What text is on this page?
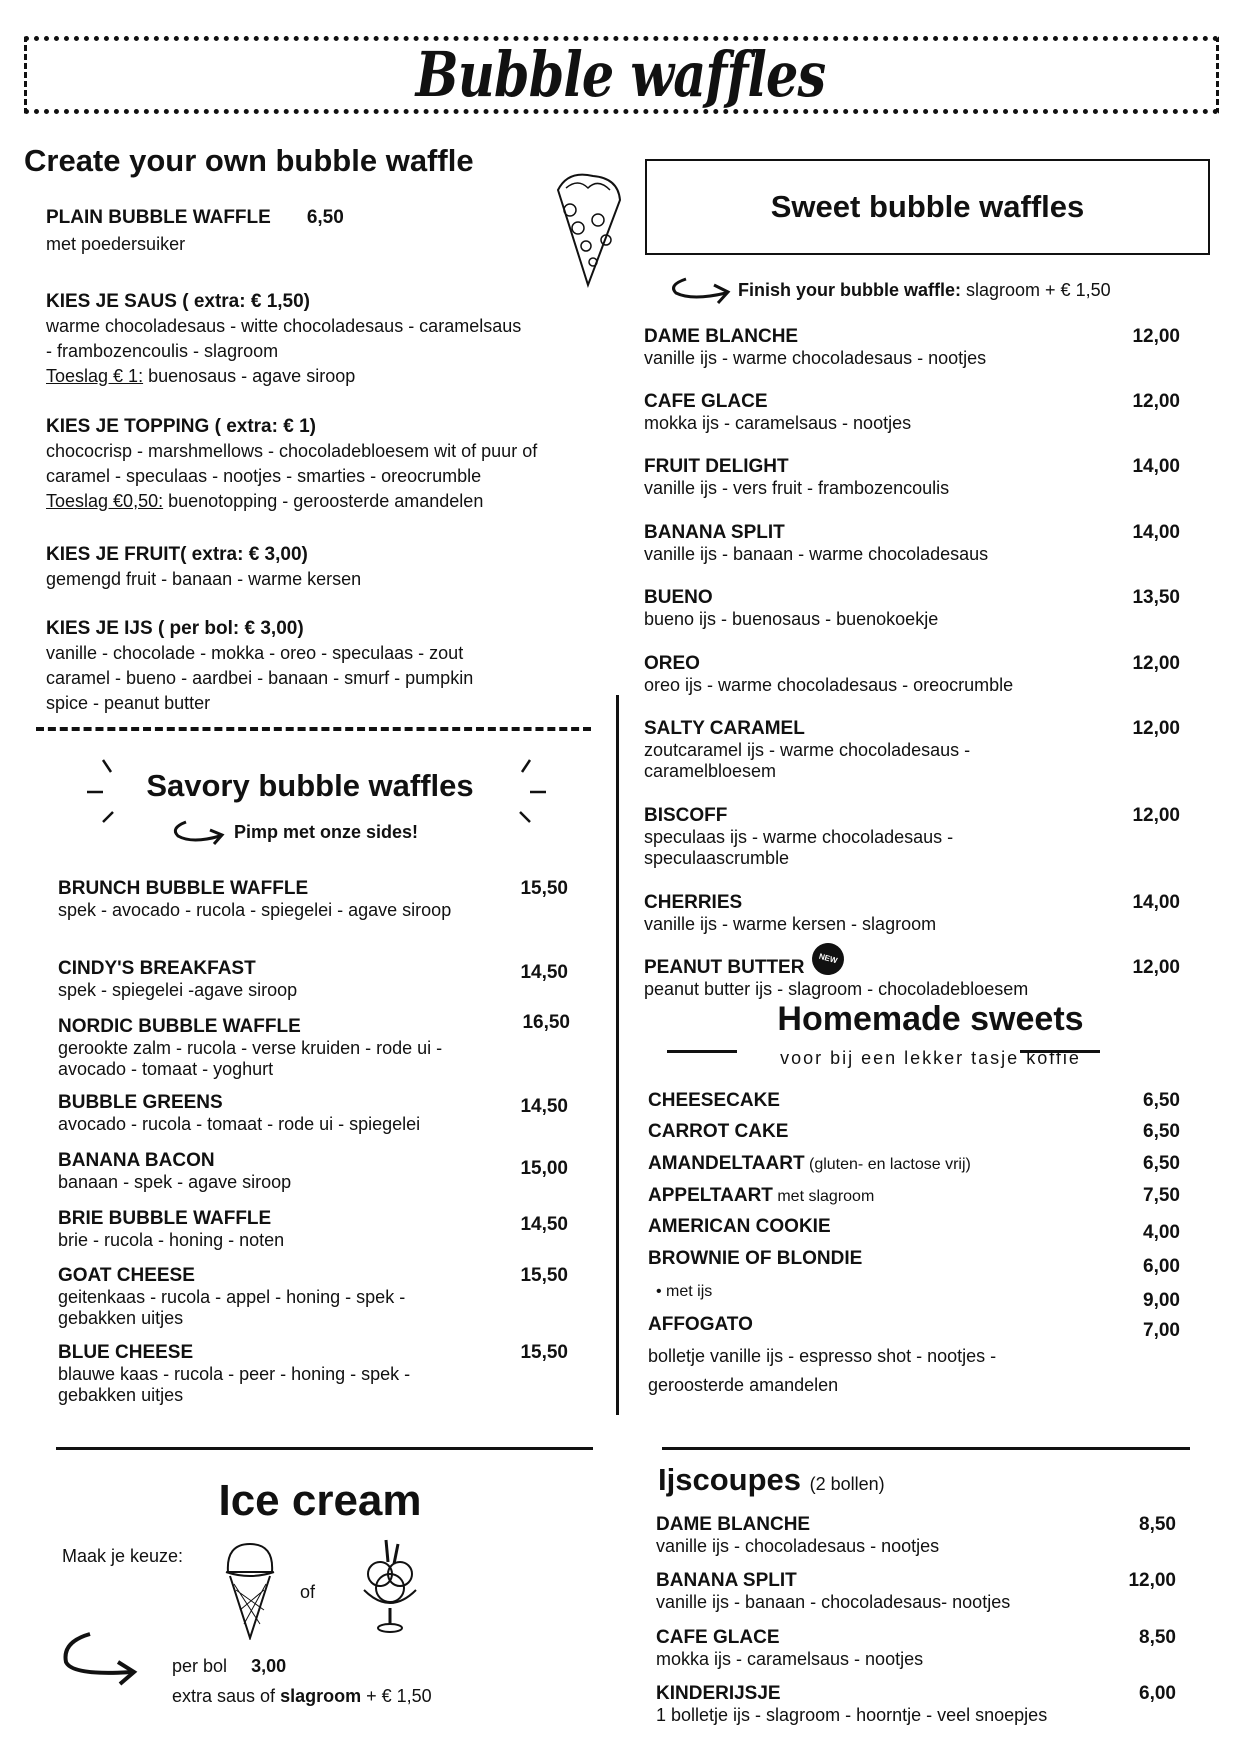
Bubble waffles
Create your own bubble waffle
PLAIN BUBBLE WAFFLE 6,50
met poedersuiker
KIES JE SAUS ( extra: € 1,50)
warme chocoladesaus - witte chocoladesaus - caramelsaus
- frambozencoulis - slagroom
Toeslag € 1: buenosaus - agave siroop
KIES JE TOPPING ( extra: € 1)
chococrisp - marshmellows - chocoladebloesem wit of puur of
caramel - speculaas - nootjes - smarties - oreocrumble
Toeslag €0,50: buenotopping - geroosterde amandelen
KIES JE FRUIT( extra: € 3,00)
gemengd fruit - banaan - warme kersen
KIES JE IJS ( per bol: € 3,00)
vanille - chocolade - mokka - oreo - speculaas - zout
caramel - bueno - aardbei - banaan - smurf - pumpkin
spice - peanut butter
Savory bubble waffles
Pimp met onze sides!
BRUNCH BUBBLE WAFFLE
spek - avocado - rucola - spiegelei - agave siroop
15,50
CINDY'S BREAKFAST
spek - spiegelei -agave siroop
14,50
NORDIC BUBBLE WAFFLE
gerookte zalm - rucola - verse kruiden - rode ui - avocado - tomaat - yoghurt
16,50
BUBBLE GREENS
avocado - rucola - tomaat - rode ui - spiegelei
14,50
BANANA BACON
banaan - spek - agave siroop
15,00
BRIE BUBBLE WAFFLE
brie - rucola - honing - noten
14,50
GOAT CHEESE
geitenkaas - rucola - appel - honing - spek - gebakken uitjes
15,50
BLUE CHEESE
blauwe kaas - rucola - peer - honing - spek - gebakken uitjes
15,50
Sweet bubble waffles
Finish your bubble waffle: slagroom + € 1,50
DAME BLANCHE
vanille ijs - warme chocoladesaus - nootjes
12,00
CAFE GLACE
mokka ijs - caramelsaus - nootjes
12,00
FRUIT DELIGHT
vanille ijs - vers fruit - frambozencoulis
14,00
BANANA SPLIT
vanille ijs - banaan - warme chocoladesaus
14,00
BUENO
bueno ijs - buenosaus - buenokoekje
13,50
OREO
oreo ijs - warme chocoladesaus - oreocrumble
12,00
SALTY CARAMEL
zoutcaramel ijs - warme chocoladesaus - caramelbloesem
12,00
BISCOFF
speculaas ijs - warme chocoladesaus - speculaascrumble
12,00
CHERRIES
vanille ijs - warme kersen - slagroom
14,00
PEANUT BUTTER NEW
peanut butter ijs - slagroom - chocoladebloesem
12,00
Homemade sweets
voor bij een lekker tasje koffie
CHEESECAKE	6,50
CARROT CAKE	6,50
AMANDELTAART (gluten- en lactose vrij)	6,50
APPELTAART met slagroom	7,50
AMERICAN COOKIE	4,00
BROWNIE OF BLONDIE	6,00
• met ijs	9,00
AFFOGATO	7,00
bolletje vanille ijs - espresso shot - nootjes -
geroosterde amandelen
Ice cream
Maak je keuze:
of
per bol 3,00
extra saus of slagroom + € 1,50
Ijscoupes (2 bollen)
DAME BLANCHE
vanille ijs - chocoladesaus - nootjes
8,50
BANANA SPLIT
vanille ijs - banaan - chocoladesaus- nootjes
12,00
CAFE GLACE
mokka ijs - caramelsaus - nootjes
8,50
KINDERIJSJE
1 bolletje ijs - slagroom - hoorntje - veel snoepjes
6,00
